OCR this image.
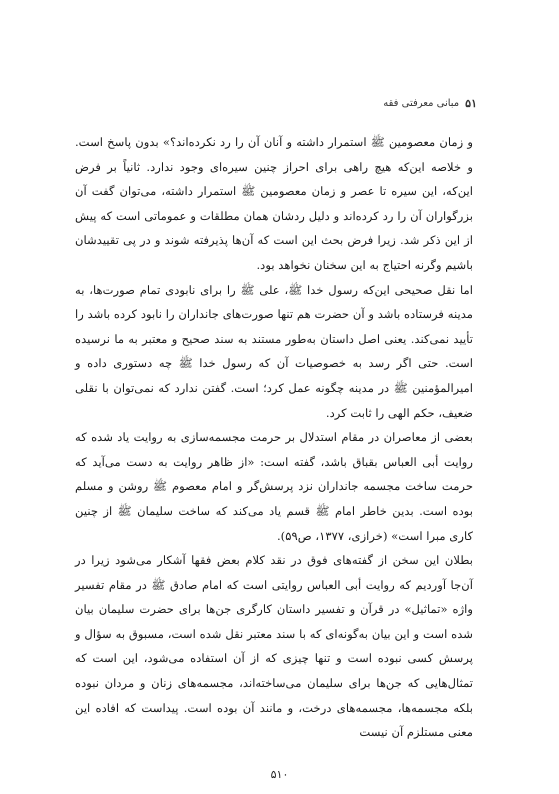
۵۱
مبانی معرفتی فقه

و زمان معصومین ﷺ استمرار داشته و آنان آن را رد نکرده‌اند؟» بدون پاسخ است. و خلاصه این‌که هیچ راهی برای احراز چنین سیره‌ای وجود ندارد. ثانیاً بر فرض این‌که، این سیره تا عصر و زمان معصومین ﷺ استمرار داشته، می‌توان گفت آن بزرگواران آن را رد کرده‌اند و دلیل ردشان همان مطلقات و عموماتی است که پیش از این ذکر شد. زیرا فرض بحث این است که آن‌ها پذیرفته شوند و در پی تقییدشان باشیم وگرنه احتیاج به این سخنان نخواهد بود.

اما نقل صحیحی این‌که رسول خدا ﷺ، علی ﷺ را برای نابودی تمام صورت‌ها، به مدینه فرستاده باشد و آن حضرت هم تنها صورت‌های جانداران را نابود کرده باشد را تأیید نمی‌کند. یعنی اصل داستان به‌طور مستند به سند صحیح و معتبر به ما نرسیده است. حتی اگر رسد به خصوصیات آن که رسول خدا ﷺ چه دستوری داده و امیرالمؤمنین ﷺ در مدینه چگونه عمل کرد؛ است. گفتن ندارد که نمی‌توان با نقلی ضعیف، حکم الهی را ثابت کرد.

بعضی از معاصران در مقام استدلال بر حرمت مجسمه‌سازی به روایت یاد شده که روایت أبی العباس بقباق باشد، گفته است: «از ظاهر روایت به دست می‌آید که حرمت ساخت مجسمه جانداران نزد پرسش‌گر و امام معصوم ﷺ روشن و مسلم بوده است. بدین خاطر امام ﷺ قسم یاد می‌کند که ساخت سلیمان ﷺ از چنین کاری مبرا است» (خرازی، ۱۳۷۷، ص۵۹).

بطلان این سخن از گفته‌های فوق در نقد کلام بعض فقها آشکار می‌شود زیرا در آن‌جا آوردیم که روایت أبی العباس روایتی است که امام صادق ﷺ در مقام تفسیر واژه «تماثیل» در قرآن و تفسیر داستان کارگری جن‌ها برای حضرت سلیمان بیان شده است و این بیان به‌گونه‌ای که با سند معتبر نقل شده است، مسبوق به سؤال و پرسش کسی نبوده است و تنها چیزی که از آن استفاده می‌شود، این است که تمثال‌هایی که جن‌ها برای سلیمان می‌ساخته‌اند، مجسمه‌های زنان و مردان نبوده بلکه مجسمه‌ها، مجسمه‌های درخت، و مانند آن بوده است. پیداست که افاده این معنی مستلزم آن نیست

۵۱۰
